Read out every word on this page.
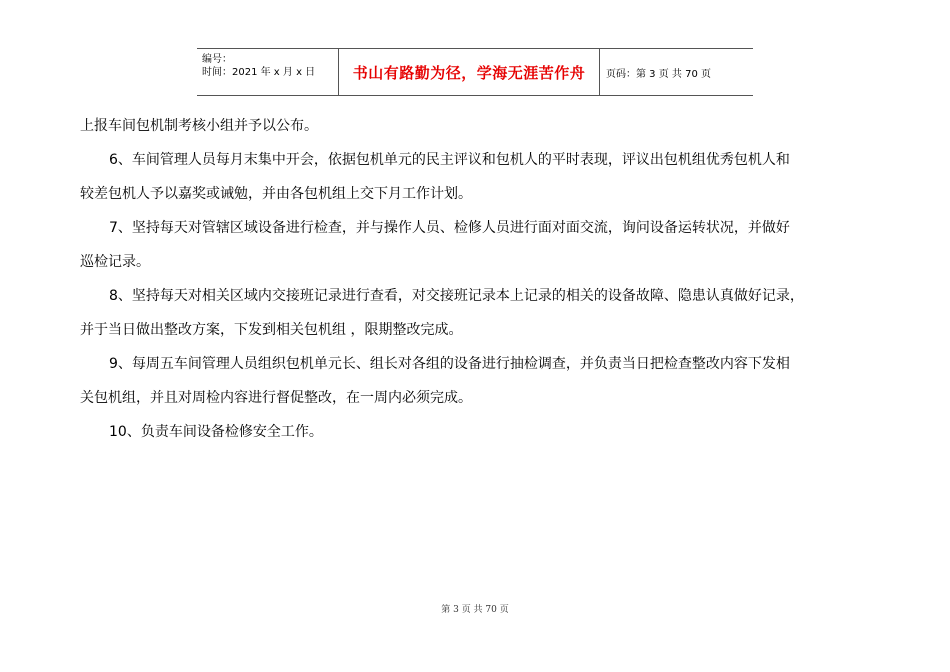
编号：
时间：2021 年 x 月 x 日	书山有路勤为径，学海无涯苦作舟 页码：第 3 页 共 70 页

上报车间包机制考核小组并予以公布。

6、车间管理人员每月末集中开会，依据包机单元的民主评议和包机人的平时表现，评议出包机组优秀包机人和
较差包机人予以嘉奖或诫勉，并由各包机组上交下月工作计划。

7、坚持每天对管辖区域设备进行检查，并与操作人员、检修人员进行面对面交流，询问设备运转状况，并做好
巡检记录。

8、坚持每天对相关区域内交接班记录进行查看，对交接班记录本上记录的相关的设备故障、隐患认真做好记录，
并于当日做出整改方案，下发到相关包机组 ，限期整改完成。

9、每周五车间管理人员组织包机单元长、组长对各组的设备进行抽检调查，并负责当日把检查整改内容下发相
关包机组，并且对周检内容进行督促整改，在一周内必须完成。

10、负责车间设备检修安全工作。

第 3 页 共 70 页
